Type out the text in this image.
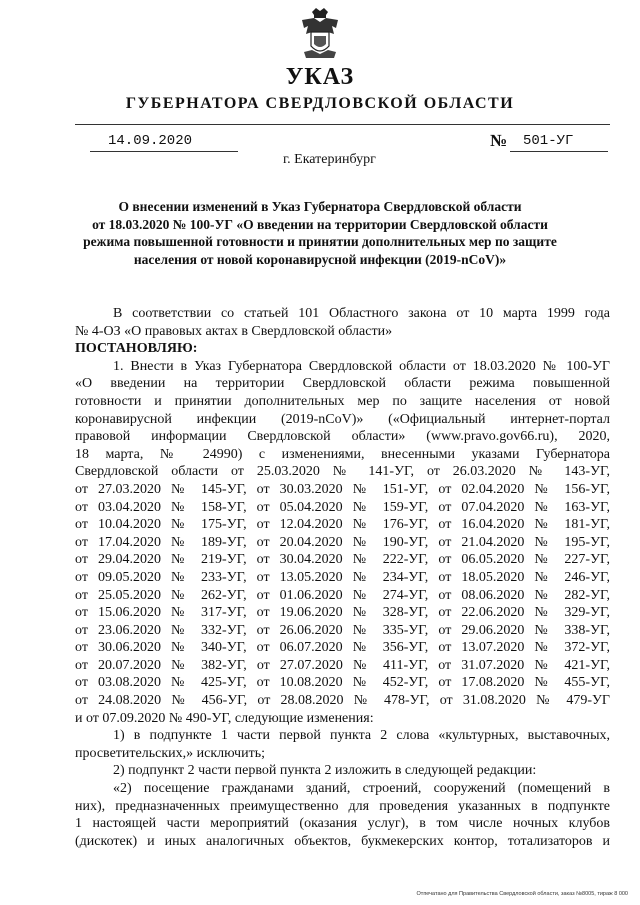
УКАЗ
ГУБЕРНАТОРА СВЕРДЛОВСКОЙ ОБЛАСТИ
14.09.2020	№ 501-УГ
г. Екатеринбург
О внесении изменений в Указ Губернатора Свердловской области
от 18.03.2020 № 100-УГ «О введении на территории Свердловской области
режима повышенной готовности и принятии дополнительных мер по защите
населения от новой коронавирусной инфекции (2019-nCoV)»
В соответствии со статьей 101 Областного закона от 10 марта 1999 года
№ 4-ОЗ «О правовых актах в Свердловской области»
ПОСТАНОВЛЯЮ:
1. Внести в Указ Губернатора Свердловской области от 18.03.2020 № 100-УГ
«О введении на территории Свердловской области режима повышенной
готовности и принятии дополнительных мер по защите населения от новой
коронавирусной инфекции (2019-nCoV)» («Официальный интернет-портал
правовой информации Свердловской области» (www.pravo.gov66.ru), 2020,
18 марта, № 24990) с изменениями, внесенными указами Губернатора
Свердловской области от 25.03.2020 № 141-УГ, от 26.03.2020 № 143-УГ,
от 27.03.2020 № 145-УГ, от 30.03.2020 № 151-УГ, от 02.04.2020 № 156-УГ,
от 03.04.2020 № 158-УГ, от 05.04.2020 № 159-УГ, от 07.04.2020 № 163-УГ,
от 10.04.2020 № 175-УГ, от 12.04.2020 № 176-УГ, от 16.04.2020 № 181-УГ,
от 17.04.2020 № 189-УГ, от 20.04.2020 № 190-УГ, от 21.04.2020 № 195-УГ,
от 29.04.2020 № 219-УГ, от 30.04.2020 № 222-УГ, от 06.05.2020 № 227-УГ,
от 09.05.2020 № 233-УГ, от 13.05.2020 № 234-УГ, от 18.05.2020 № 246-УГ,
от 25.05.2020 № 262-УГ, от 01.06.2020 № 274-УГ, от 08.06.2020 № 282-УГ,
от 15.06.2020 № 317-УГ, от 19.06.2020 № 328-УГ, от 22.06.2020 № 329-УГ,
от 23.06.2020 № 332-УГ, от 26.06.2020 № 335-УГ, от 29.06.2020 № 338-УГ,
от 30.06.2020 № 340-УГ, от 06.07.2020 № 356-УГ, от 13.07.2020 № 372-УГ,
от 20.07.2020 № 382-УГ, от 27.07.2020 № 411-УГ, от 31.07.2020 № 421-УГ,
от 03.08.2020 № 425-УГ, от 10.08.2020 № 452-УГ, от 17.08.2020 № 455-УГ,
от 24.08.2020 № 456-УГ, от 28.08.2020 № 478-УГ, от 31.08.2020 № 479-УГ
и от 07.09.2020 № 490-УГ, следующие изменения:
1) в подпункте 1 части первой пункта 2 слова «культурных, выставочных,
просветительских,» исключить;
2) подпункт 2 части первой пункта 2 изложить в следующей редакции:
«2) посещение гражданами зданий, строений, сооружений (помещений в
них), предназначенных преимущественно для проведения указанных в подпункте
1 настоящей части мероприятий (оказания услуг), в том числе ночных клубов
(дискотек) и иных аналогичных объектов, букмекерских контор, тотализаторов и
Отпечатано для Правительства Свердловской области, заказ №8005, тираж 8 000
